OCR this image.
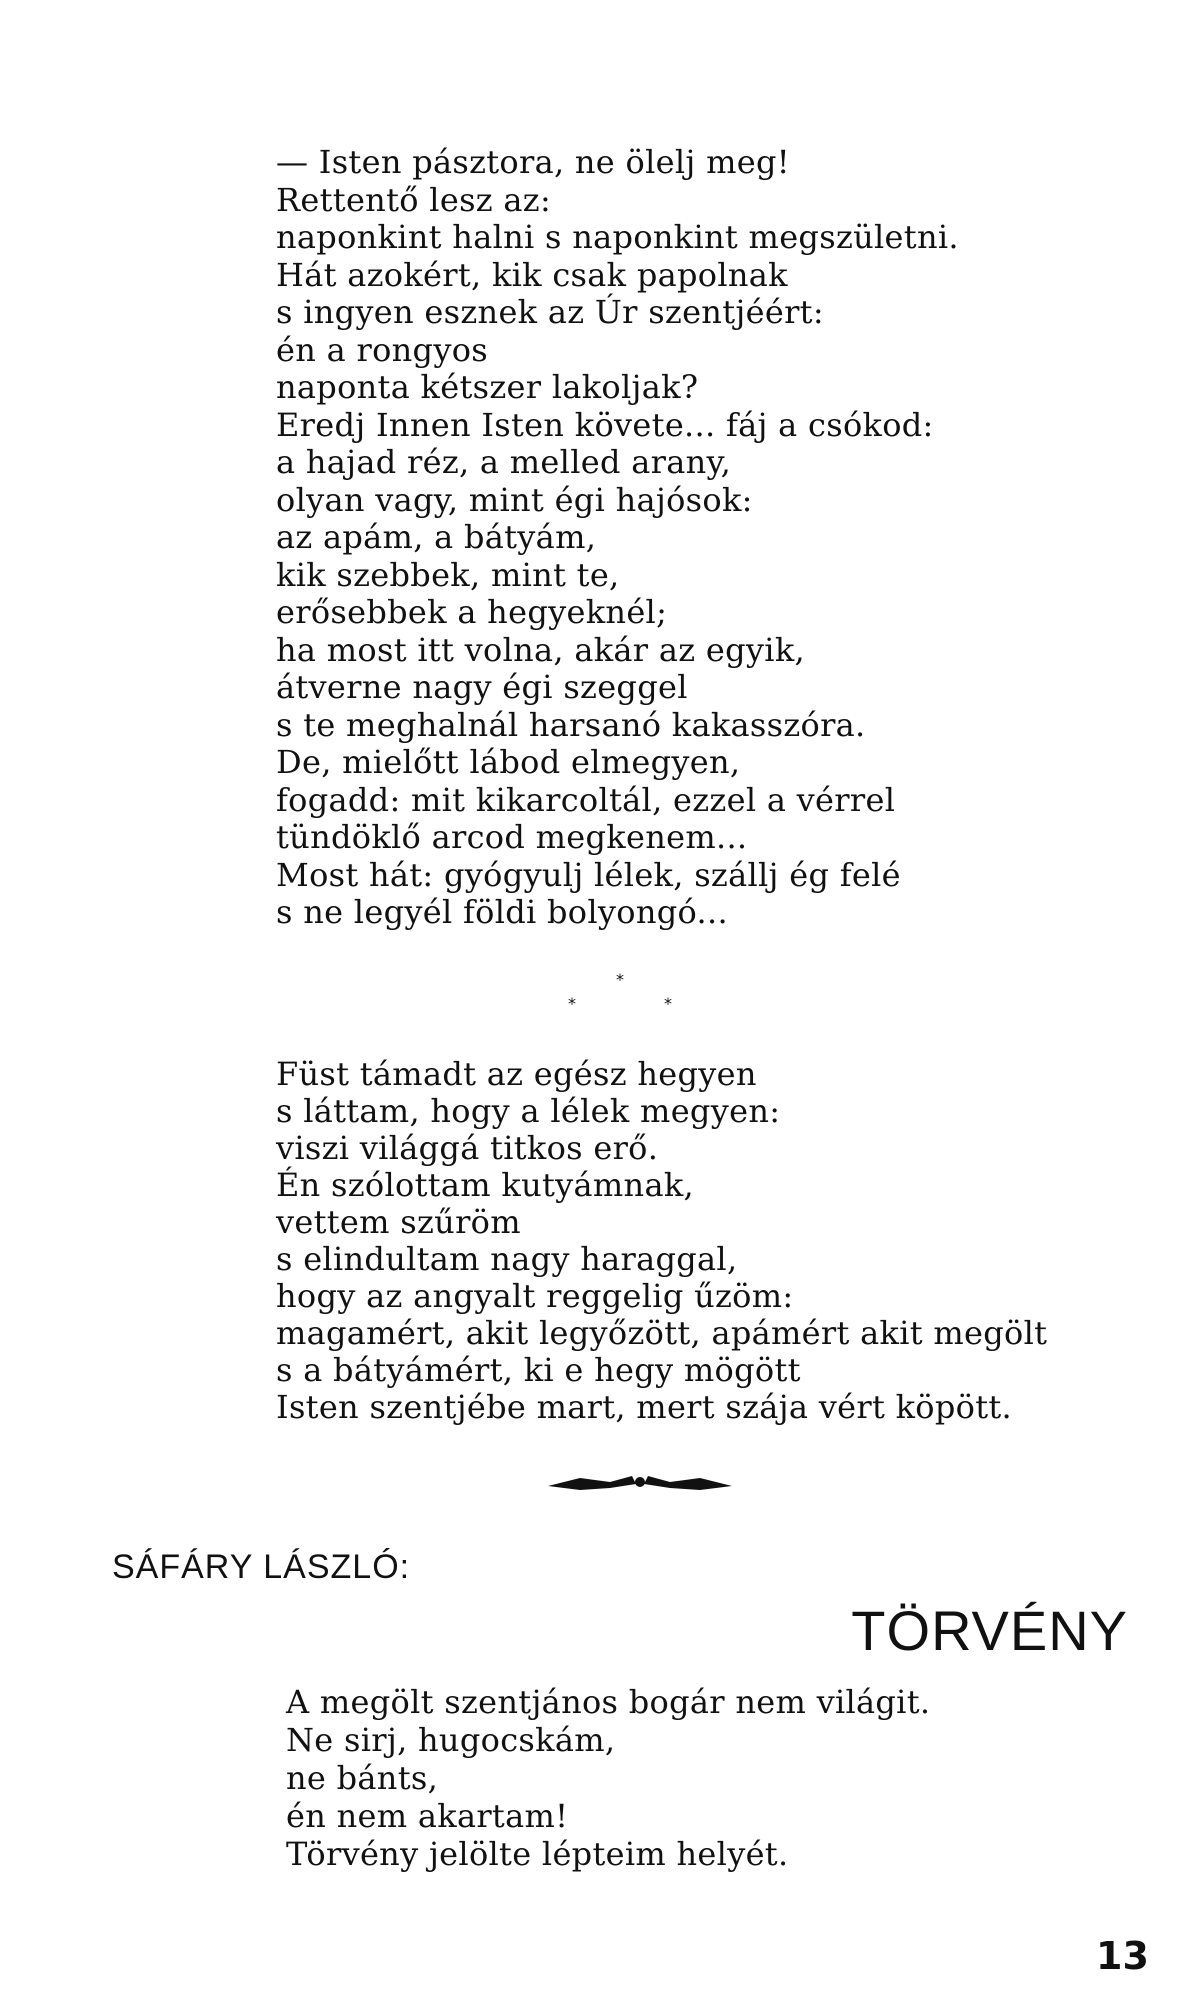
— Isten pásztora, ne ölelj meg!
Rettentő lesz az:
naponkint halni s naponkint megszületni.
Hát azokért, kik csak papolnak
s ingyen esznek az Úr szentjéért:
én a rongyos
naponta kétszer lakoljak?
Eredj Innen Isten követe... fáj a csókod:
a hajad réz, a melled arany,
olyan vagy, mint égi hajósok:
az apám, a bátyám,
kik szebbek, mint te,
erősebbek a hegyeknél;
ha most itt volna, akár az egyik,
átverne nagy égi szeggel
s te meghalnál harsanó kakasszóra.
De, mielőtt lábod elmegyen,
fogadd: mit kikarcoltál, ezzel a vérrel
tündöklő arcod megkenem...
Most hát: gyógyulj lélek, szállj ég felé
s ne legyél földi bolyongó...
*
*	*
Füst támadt az egész hegyen
s láttam, hogy a lélek megyen:
viszi világgá titkos erő.
Én szólottam kutyámnak,
vettem szűröm
s elindultam nagy haraggal,
hogy az angyalt reggelig űzöm:
magamért, akit legyőzött, apámért akit megölt
s a bátyámért, ki e hegy mögött
Isten szentjébe mart, mert szája vért köpött.
SÁFÁRY LÁSZLÓ:
TÖRVÉNY
A megölt szentjános bogár nem világit.
Ne sirj, hugocskám,
ne bánts,
én nem akartam!
Törvény jelölte lépteim helyét.
13
